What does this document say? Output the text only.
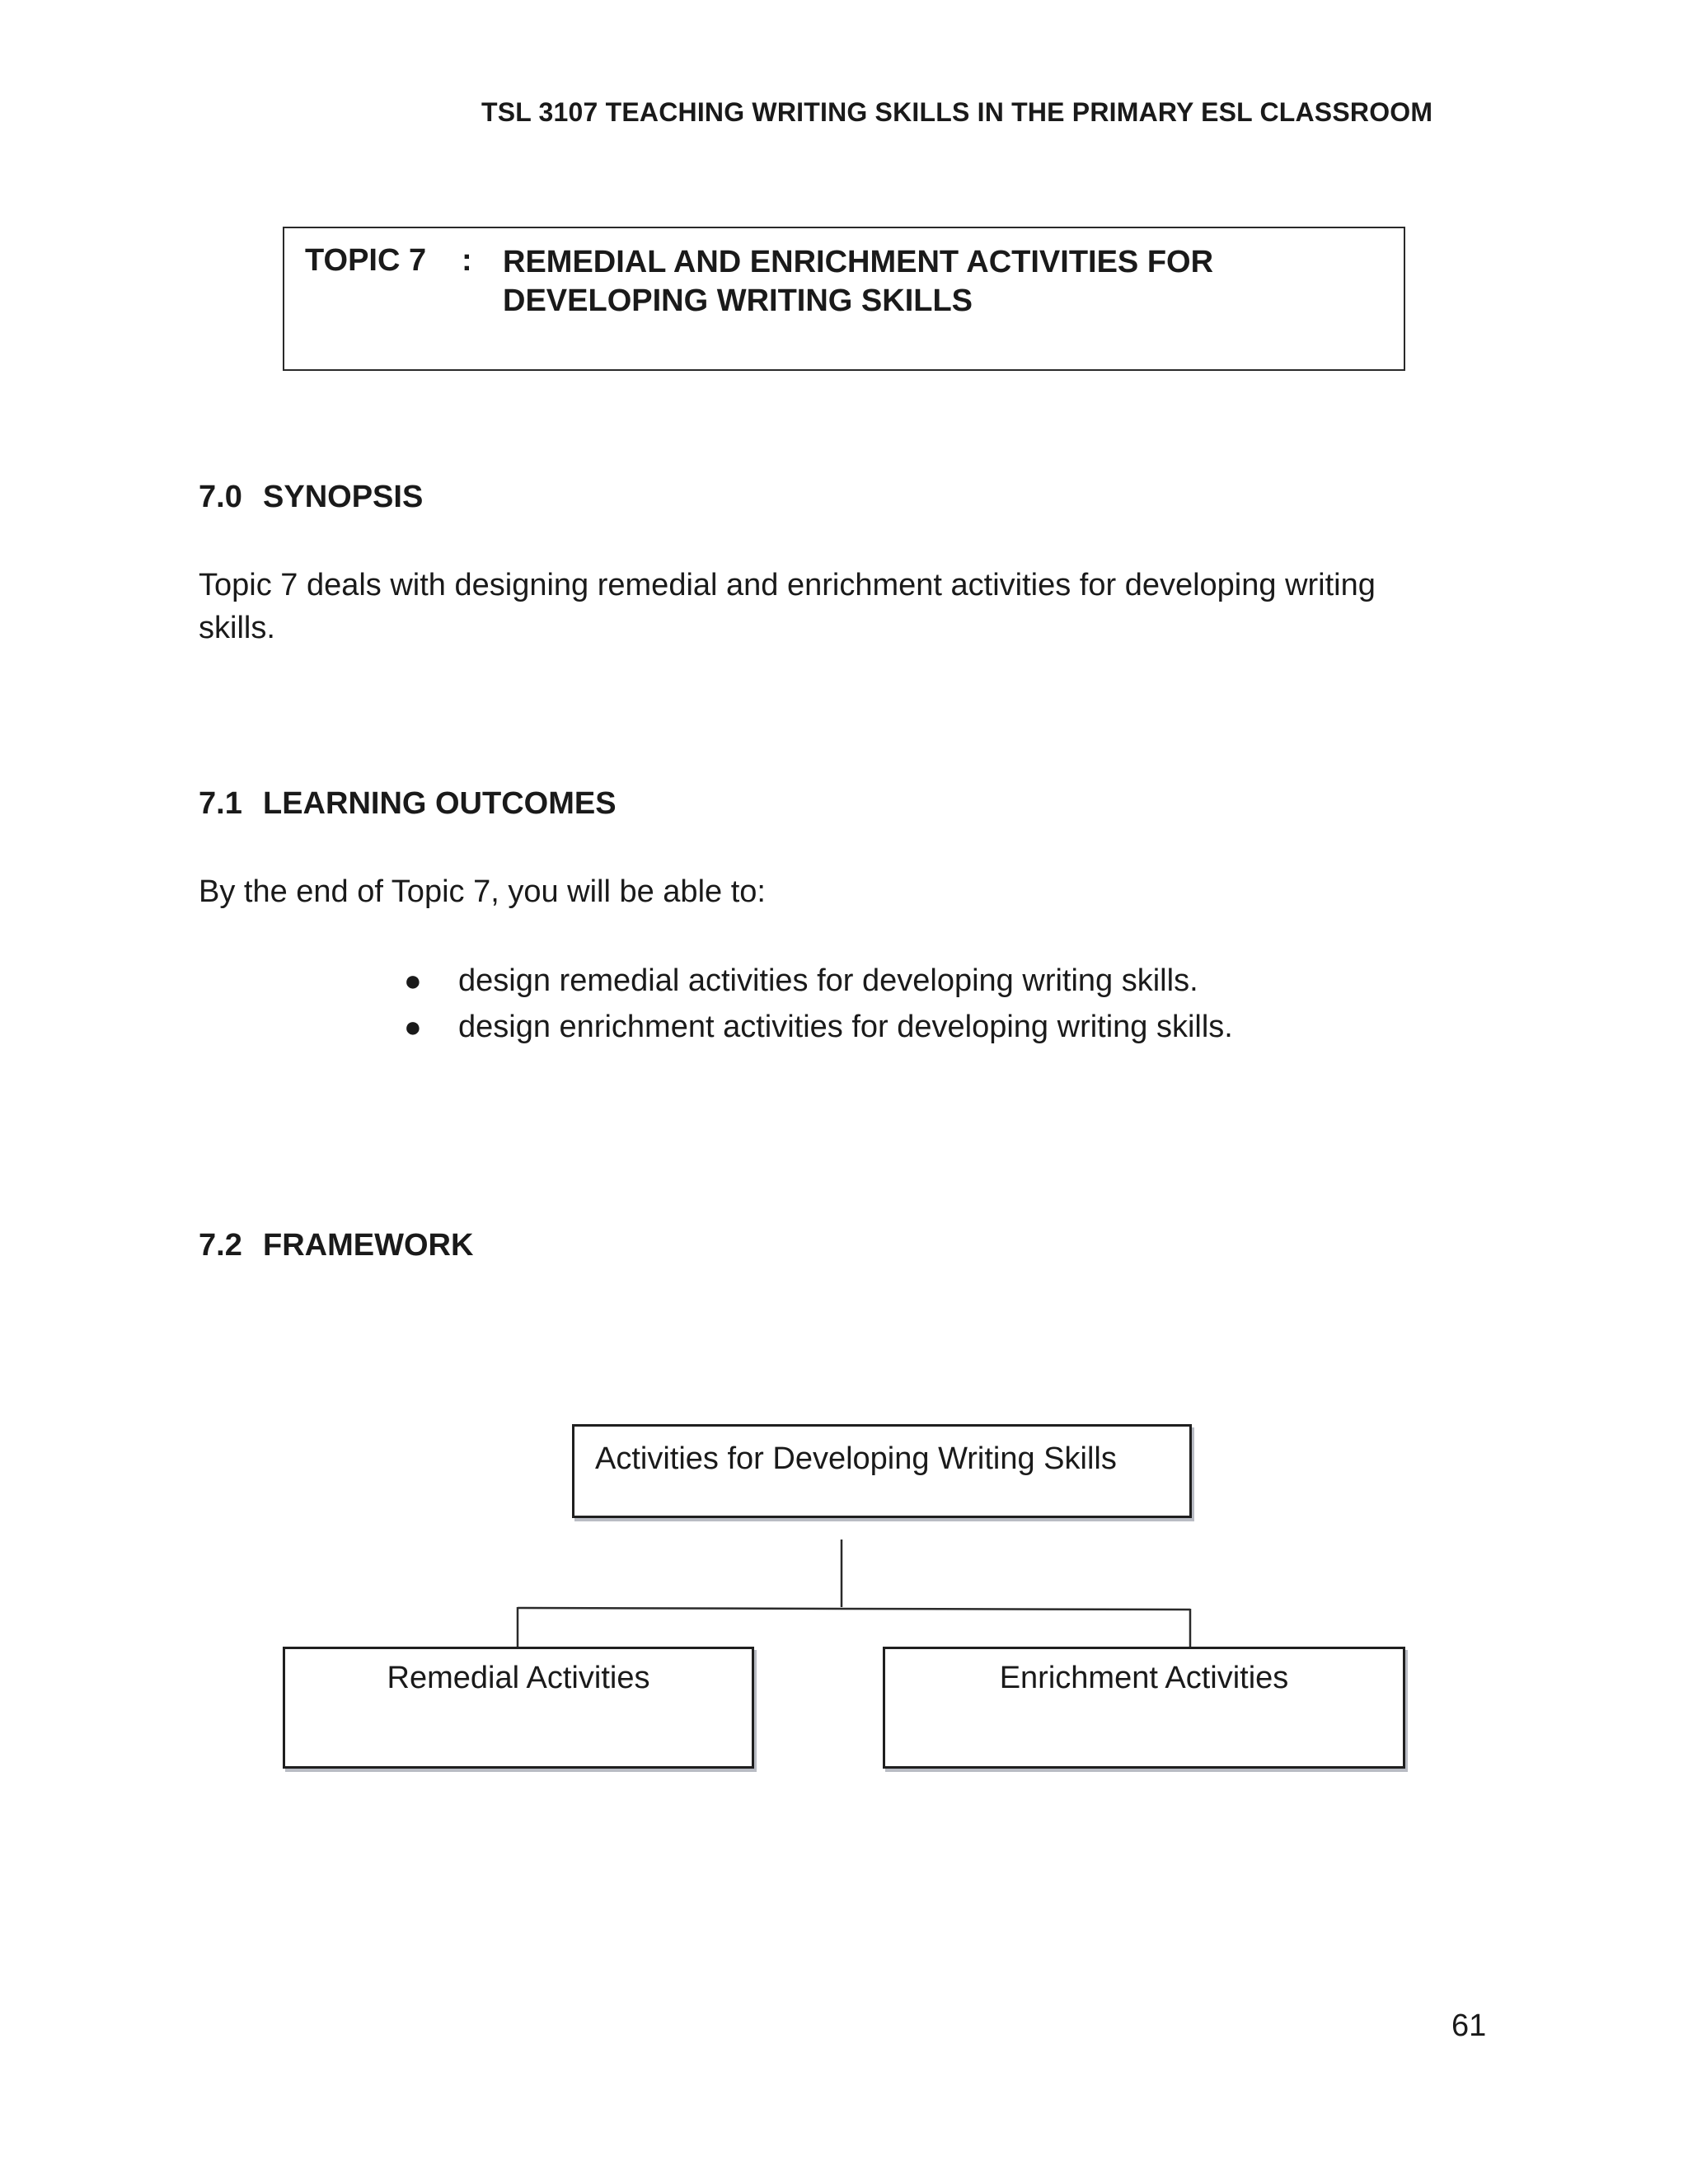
TSL 3107 TEACHING WRITING SKILLS IN THE PRIMARY ESL CLASSROOM
TOPIC 7 : REMEDIAL AND ENRICHMENT ACTIVITIES FOR
DEVELOPING WRITING SKILLS
7.0 SYNOPSIS
Topic 7 deals with designing remedial and enrichment activities for developing writing
skills.
7.1 LEARNING OUTCOMES
By the end of Topic 7, you will be able to:
● design remedial activities for developing writing skills.
● design enrichment activities for developing writing skills.
7.2 FRAMEWORK
Activities for Developing Writing Skills
Remedial Activities	Enrichment Activities
61
